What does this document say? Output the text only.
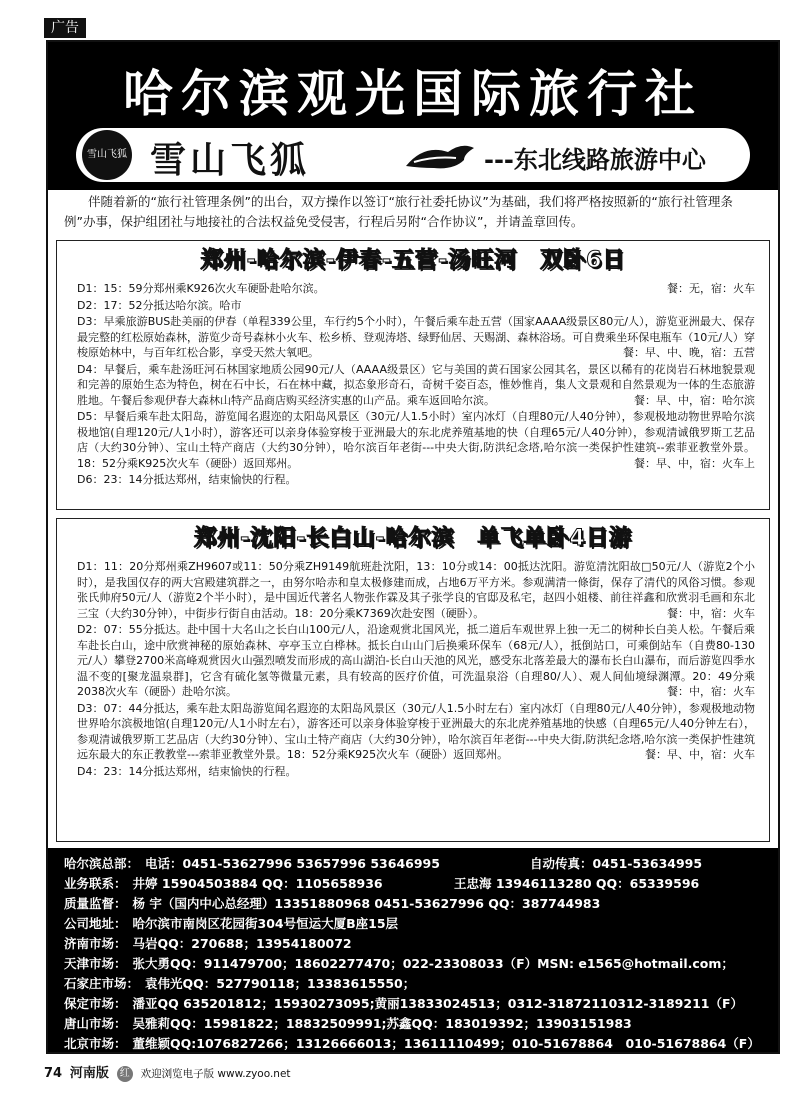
广告
哈尔滨观光国际旅行社
雪山飞狐 雪山飞狐	---东北线路旅游中心

伴随着新的“旅行社管理条例”的出台，双方操作以签订“旅行社委托协议”为基础，我们将严格按照新的“旅行社管理条例”办事，保护组团社与地接社的合法权益免受侵害，行程后另附“合作协议”，并请盖章回传。

郑州-哈尔滨-伊春-五营-汤旺河　双卧6日
D1：15：59分郑州乘K926次火车硬卧赴哈尔滨。	餐：无，宿：火车
D2：17：52分抵达哈尔滨。哈市
D3：早乘旅游BUS赴美丽的伊春（单程339公里，车行约5个小时），午餐后乘车赴五营（国家AAAA级景区80元/人），游览亚洲最大、保存最完整的红松原始森林，游览少奇号森林小火车、松乡桥、登观涛塔、绿野仙居、天赐湖、森林浴场。可自费乘坐环保电瓶车（10元/人）穿梭原始林中，与百年红松合影，享受天然大氧吧。	餐：早、中、晚，宿：五营
D4：早餐后，乘车赴汤旺河石林国家地质公园90元/人（AAAA级景区）它与美国的黄石国家公园其名，景区以稀有的花岗岩石林地貌景观和完善的原始生态为特色，树在石中长，石在林中藏，拟态象形奇石，奇树千姿百态，惟妙惟肖，集人文景观和自然景观为一体的生态旅游胜地。午餐后参观伊春大森林山特产品商店购买经济实惠的山产品。乘车返回哈尔滨。	餐：早、中，宿：哈尔滨
D5：早餐后乘车赴太阳岛，游览闻名遐迩的太阳岛风景区（30元/人1.5小时）室内冰灯（自理80元/人40分钟），参观极地动物世界哈尔滨极地馆(自理120元/人1小时），游客还可以亲身体验穿梭于亚洲最大的东北虎养殖基地的快（自理65元/人40分钟），参观清诚俄罗斯工艺品店（大约30分钟）、宝山土特产商店（大约30分钟），哈尔滨百年老街---中央大街,防洪纪念塔,哈尔滨一类保护性建筑--索菲亚教堂外景。18：52分乘K925次火车（硬卧）返回郑州。	餐：早、中，宿：火车上
D6：23：14分抵达郑州，结束愉快的行程。
郑州-沈阳-长白山-哈尔滨　单飞单卧4日游
D1：11：20分郑州乘ZH9607或11：50分乘ZH9149航班赴沈阳，13：10分或14：00抵达沈阳。游览清沈阳故□50元/人（游览2个小时），是我国仅存的两大宫殿建筑群之一，由努尔哈赤和皇太极修建而成，占地6万平方米。参观满清一條街，保存了清代的风俗习惯。参观张氏帅府50元/人（游览2个半小时），是中国近代著名人物张作霖及其子张学良的官邸及私宅，赵四小姐楼、前往祥鑫和欣赏羽毛画和东北三宝（大约30分钟），中街步行街自由活动。18：20分乘K7369次赴安图（硬卧）。	餐：中，宿：火车
D2：07：55分抵达。赴中国十大名山之长白山100元/人，沿途观赏北国风光，抵二道后车观世界上独一无二的树种长白美人松。午餐后乘车赴长白山，途中欣赏神秘的原始森林、亭亭玉立白桦林。抵长白山山门后换乘环保车（68元/人），抵倒站口，可乘倒站车（自费80-130元/人）攀登2700米高峰观赏因火山强烈喷发而形成的高山湖泊-长白山天池的风光，感受东北落差最大的瀑布长白山瀑布，而后游览四季水温不变的[聚龙温泉群]，它含有硫化氢等微量元素，具有较高的医疗价值，可洗温泉浴（自理80/人）、观人间仙境绿渊潭。20：49分乘2038次火车（硬卧）赴哈尔滨。	餐：中，宿：火车
D3：07：44分抵达，乘车赴太阳岛游览闻名遐迩的太阳岛风景区（30元/人1.5小时左右）室内冰灯（自理80元/人40分钟），参观极地动物世界哈尔滨极地馆(自理120元/人1小时左右），游客还可以亲身体验穿梭于亚洲最大的东北虎养殖基地的快感（自理65元/人40分钟左右），参观清诚俄罗斯工艺品店（大约30分钟）、宝山土特产商店（大约30分钟），哈尔滨百年老街---中央大街,防洪纪念塔,哈尔滨一类保护性建筑远东最大的东正教教堂---索菲亚教堂外景。18：52分乘K925次火车（硬卧）返回郑州。	餐：早、中，宿：火车
D4：23：14分抵达郑州，结束愉快的行程。
哈尔滨总部： 电话：0451-53627996 53657996 53646995	自动传真：0451-53634995
业务联系： 井婷 15904503884 QQ：1105658936	王忠海 13946113280 QQ：65339596
质量监督： 杨 宇（国内中心总经理）13351880968 0451-53627996 QQ：387744983
公司地址： 哈尔滨市南岗区花园街304号恒运大厦B座15层
济南市场： 马岩QQ：270688；13954180072
天津市场： 张大勇QQ：911479700；18602277470；022-23308033（F）MSN: e1565@hotmail.com；
石家庄市场： 袁伟光QQ：527790118；13383615550；
保定市场： 潘亚QQ 635201812；15930273095;黄丽13833024513；0312-31872110312-3189211（F）
唐山市场： 吴雅莉QQ：15981822；18832509991;苏鑫QQ：183019392；13903151983
北京市场： 董维颖QQ:1076827266；13126666013；13611110499；010-51678864　010-51678864（F）
74 河南版 红 欢迎浏览电子版 www.zyoo.net
